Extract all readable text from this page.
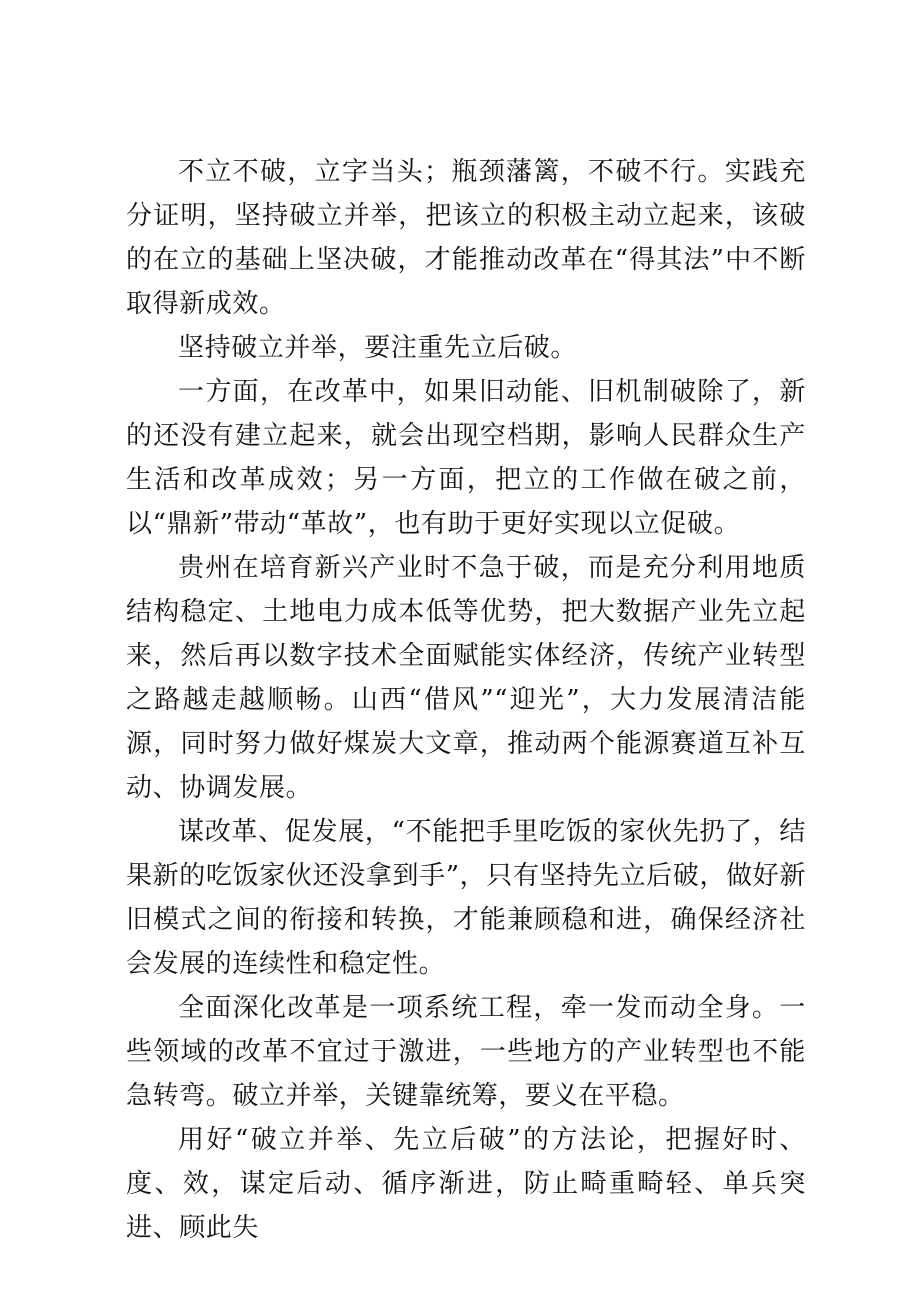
不立不破，立字当头；瓶颈藩篱，不破不行。实践充分证明，坚持破立并举，把该立的积极主动立起来，该破的在立的基础上坚决破，才能推动改革在“得其法”中不断取得新成效。

坚持破立并举，要注重先立后破。

一方面，在改革中，如果旧动能、旧机制破除了，新的还没有建立起来，就会出现空档期，影响人民群众生产生活和改革成效；另一方面，把立的工作做在破之前，以“鼎新”带动“革故”，也有助于更好实现以立促破。

贵州在培育新兴产业时不急于破，而是充分利用地质结构稳定、土地电力成本低等优势，把大数据产业先立起来，然后再以数字技术全面赋能实体经济，传统产业转型之路越走越顺畅。山西“借风”“迎光”，大力发展清洁能源，同时努力做好煤炭大文章，推动两个能源赛道互补互动、协调发展。

谋改革、促发展，“不能把手里吃饭的家伙先扔了，结果新的吃饭家伙还没拿到手”，只有坚持先立后破，做好新旧模式之间的衔接和转换，才能兼顾稳和进，确保经济社会发展的连续性和稳定性。

全面深化改革是一项系统工程，牵一发而动全身。一些领域的改革不宜过于激进，一些地方的产业转型也不能急转弯。破立并举，关键靠统筹，要义在平稳。

用好“破立并举、先立后破”的方法论，把握好时、度、效，谋定后动、循序渐进，防止畸重畸轻、单兵突进、顾此失
